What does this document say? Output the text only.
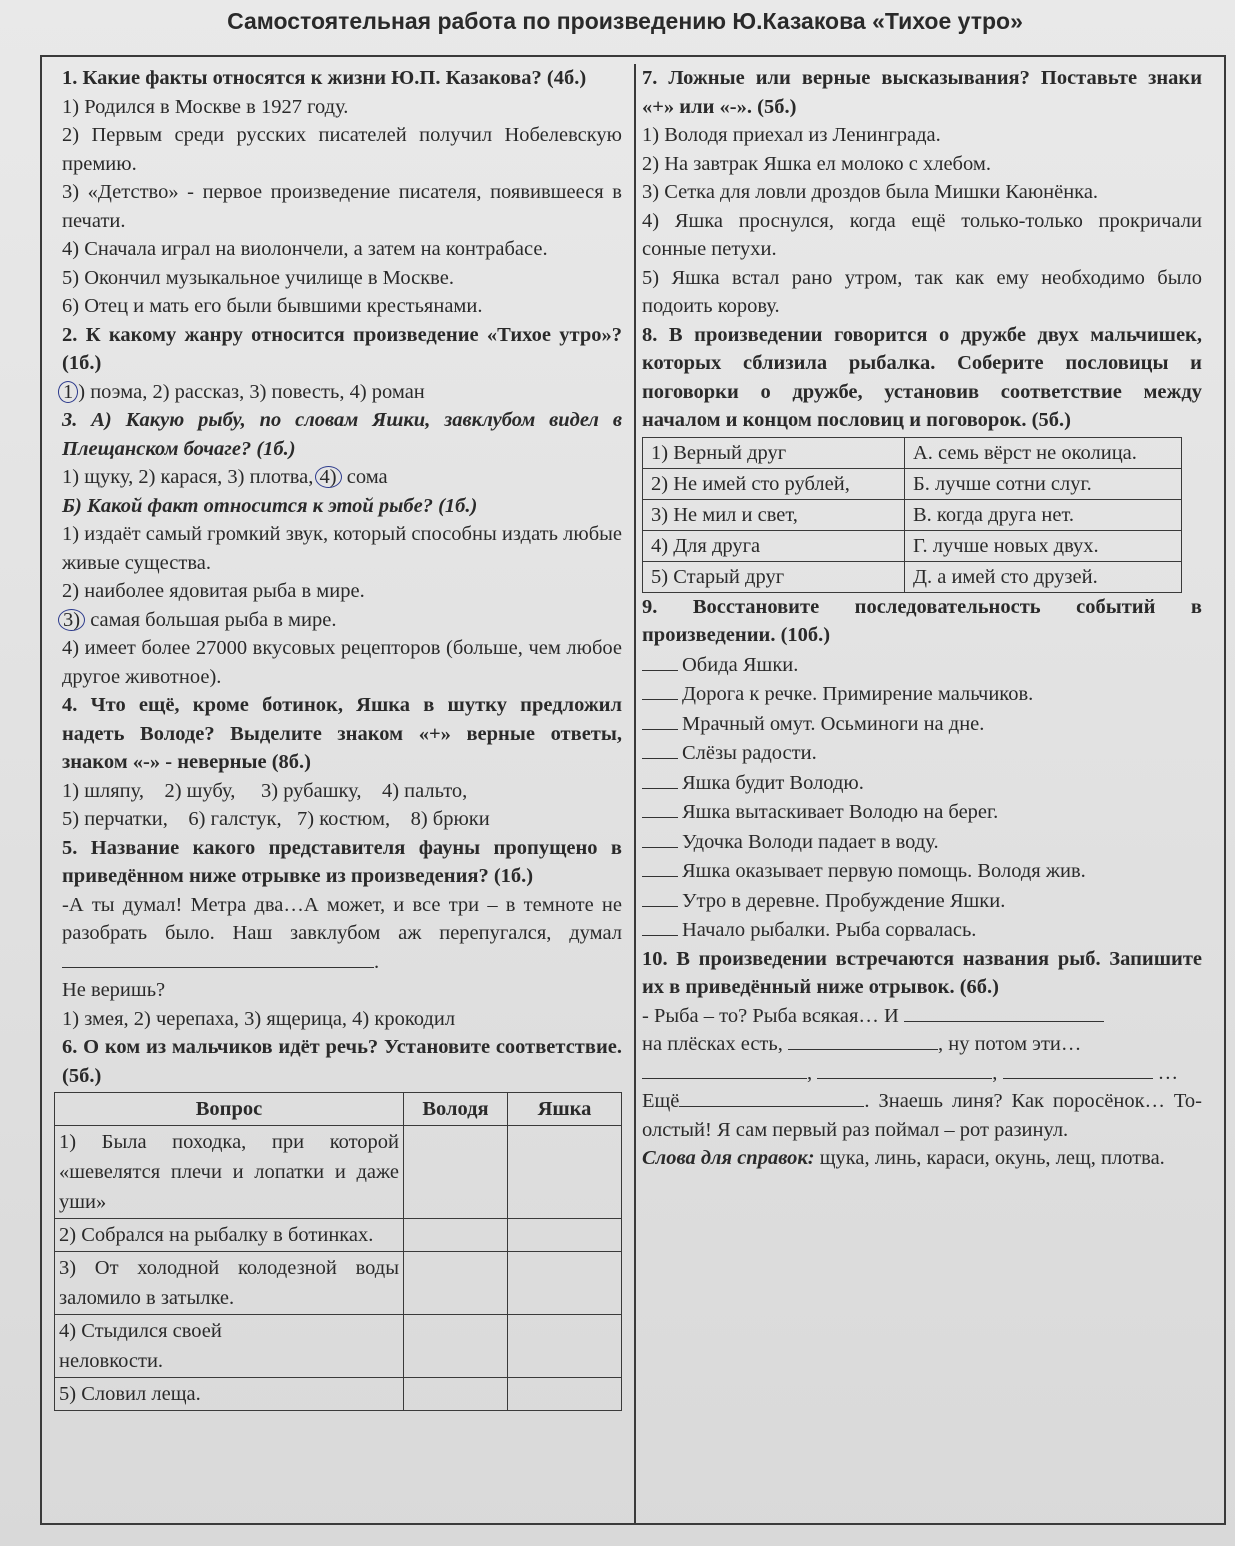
Самостоятельная работа по произведению Ю.Казакова «Тихое утро»
1. Какие факты относятся к жизни Ю.П. Казакова? (4б.)
1) Родился в Москве в 1927 году.
2) Первым среди русских писателей получил Нобелевскую премию.
3) «Детство» - первое произведение писателя, появившееся в печати.
4) Сначала играл на виолончели, а затем на контрабасе.
5) Окончил музыкальное училище в Москве.
6) Отец и мать его были бывшими крестьянами.
2. К какому жанру относится произведение «Тихое утро»? (1б.)
1 ) поэма, 2) рассказ, 3) повесть, 4) роман
3. А) Какую рыбу, по словам Яшки, завклубом видел в Плещанском бочаге? (1б.)
1) щуку, 2) карася, 3) плотва, 4) сома
Б) Какой факт относится к этой рыбе? (1б.)
1) издаёт самый громкий звук, который способны издать любые живые существа.
2) наиболее ядовитая рыба в мире.
3) самая большая рыба в мире.
4) имеет более 27000 вкусовых рецепторов (больше, чем любое другое животное).
4. Что ещё, кроме ботинок, Яшка в шутку предложил надеть Володе? Выделите знаком «+» верные ответы, знаком «-» - неверные (8б.)
1) шляпу,    2) шубу,     3) рубашку,    4) пальто,
5) перчатки,    6) галстук,   7) костюм,    8) брюки
5. Название какого представителя фауны пропущено в приведённом ниже отрывке из произведения? (1б.)
-А ты думал! Метра два…А может, и все три – в темноте не разобрать было. Наш завклубом аж перепугался, думал .
Не веришь?
1) змея, 2) черепаха, 3) ящерица, 4) крокодил
6. О ком из мальчиков идёт речь? Установите соответствие. (5б.)
Вопрос	Володя	Яшка
1) Была походка, при которой «шевелятся плечи и лопатки и даже уши»		
2) Собрался на рыбалку в ботинках.		
3) От холодной колодезной воды заломило в затылке.		
4) Стыдился своей неловкости.		
5) Словил леща.		
7. Ложные или верные высказывания? Поставьте знаки «+» или «-». (5б.)
1) Володя приехал из Ленинграда.
2) На завтрак Яшка ел молоко с хлебом.
3) Сетка для ловли дроздов была Мишки Каюнёнка.
4) Яшка проснулся, когда ещё только-только прокричали сонные петухи.
5) Яшка встал рано утром, так как ему необходимо было подоить корову.
8. В произведении говорится о дружбе двух мальчишек, которых сблизила рыбалка. Соберите пословицы и поговорки о дружбе, установив соответствие между началом и концом пословиц и поговорок. (5б.)
1) Верный друг	А. семь вёрст не околица.
2) Не имей сто рублей,	Б. лучше сотни слуг.
3) Не мил и свет,	В. когда друга нет.
4) Для друга	Г. лучше новых двух.
5) Старый друг	Д. а имей сто друзей.
9. Восстановите последовательность событий в произведении. (10б.)
Обида Яшки.
Дорога к речке. Примирение мальчиков.
Мрачный омут. Осьминоги на дне.
Слёзы радости.
Яшка будит Володю.
Яшка вытаскивает Володю на берег.
Удочка Володи падает в воду.
Яшка оказывает первую помощь. Володя жив.
Утро в деревне. Пробуждение Яшки.
Начало рыбалки. Рыба сорвалась.
10. В произведении встречаются названия рыб. Запишите их в приведённый ниже отрывок. (6б.)
- Рыба – то? Рыба всякая… И
на плёсках есть,	, ну потом эти…
,	,	…
Ещё	. Знаешь линя? Как поросёнок… То-олстый! Я сам первый раз поймал – рот разинул.
Слова для справок: щука, линь, караси, окунь, лещ, плотва.
